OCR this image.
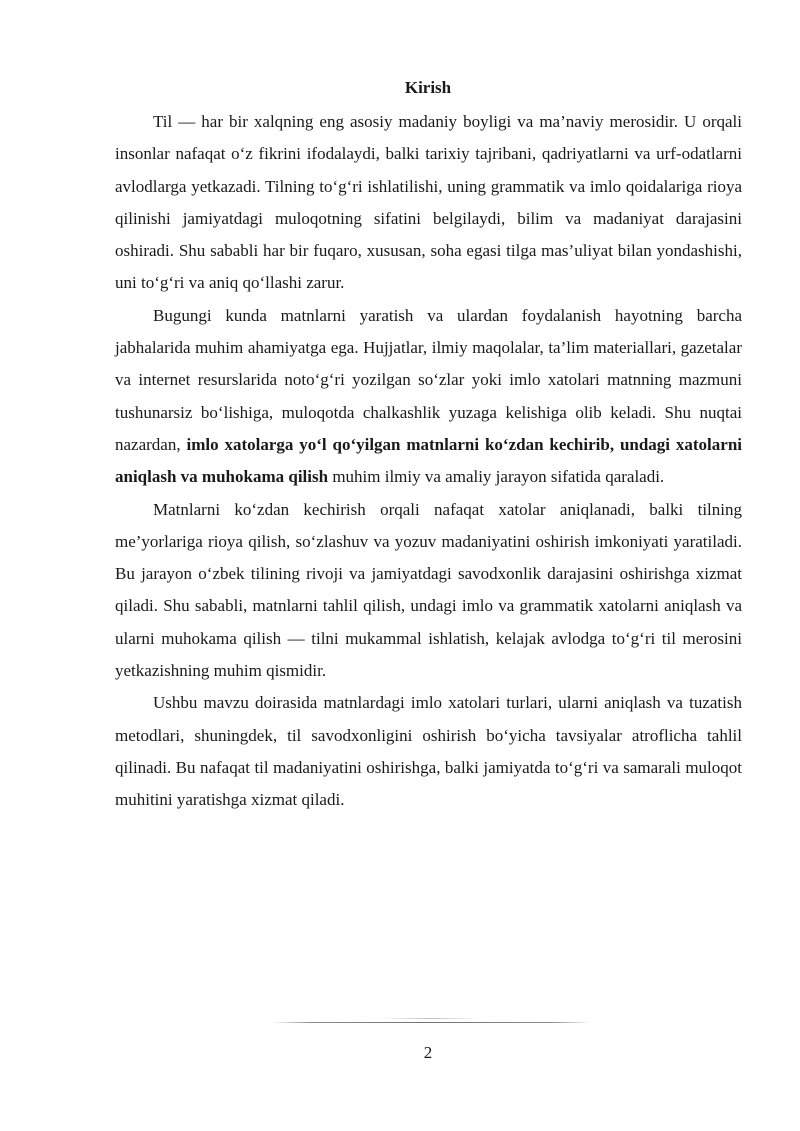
Kirish

Til — har bir xalqning eng asosiy madaniy boyligi va ma’naviy merosidir. U orqali insonlar nafaqat o‘z fikrini ifodalaydi, balki tarixiy tajribani, qadriyatlarni va urf-odatlarni avlodlarga yetkazadi. Tilning to‘g‘ri ishlatilishi, uning grammatik va imlo qoidalariga rioya qilinishi jamiyatdagi muloqotning sifatini belgilaydi, bilim va madaniyat darajasini oshiradi. Shu sababli har bir fuqaro, xususan, soha egasi tilga mas’uliyat bilan yondashishi, uni to‘g‘ri va aniq qo‘llashi zarur.

Bugungi kunda matnlarni yaratish va ulardan foydalanish hayotning barcha jabhalarida muhim ahamiyatga ega. Hujjatlar, ilmiy maqolalar, ta’lim materiallari, gazetalar va internet resurslarida noto‘g‘ri yozilgan so‘zlar yoki imlo xatolari matnning mazmuni tushunarsiz bo‘lishiga, muloqotda chalkashlik yuzaga kelishiga olib keladi. Shu nuqtai nazardan, imlo xatolarga yo‘l qo‘yilgan matnlarni ko‘zdan kechirib, undagi xatolarni aniqlash va muhokama qilish muhim ilmiy va amaliy jarayon sifatida qaraladi.

Matnlarni ko‘zdan kechirish orqali nafaqat xatolar aniqlanadi, balki tilning me’yorlariga rioya qilish, so‘zlashuv va yozuv madaniyatini oshirish imkoniyati yaratiladi. Bu jarayon o‘zbek tilining rivoji va jamiyatdagi savodxonlik darajasini oshirishga xizmat qiladi. Shu sababli, matnlarni tahlil qilish, undagi imlo va grammatik xatolarni aniqlash va ularni muhokama qilish — tilni mukammal ishlatish, kelajak avlodga to‘g‘ri til merosini yetkazishning muhim qismidir.

Ushbu mavzu doirasida matnlardagi imlo xatolari turlari, ularni aniqlash va tuzatish metodlari, shuningdek, til savodxonligini oshirish bo‘yicha tavsiyalar atroflicha tahlil qilinadi. Bu nafaqat til madaniyatini oshirishga, balki jamiyatda to‘g‘ri va samarali muloqot muhitini yaratishga xizmat qiladi.

2
